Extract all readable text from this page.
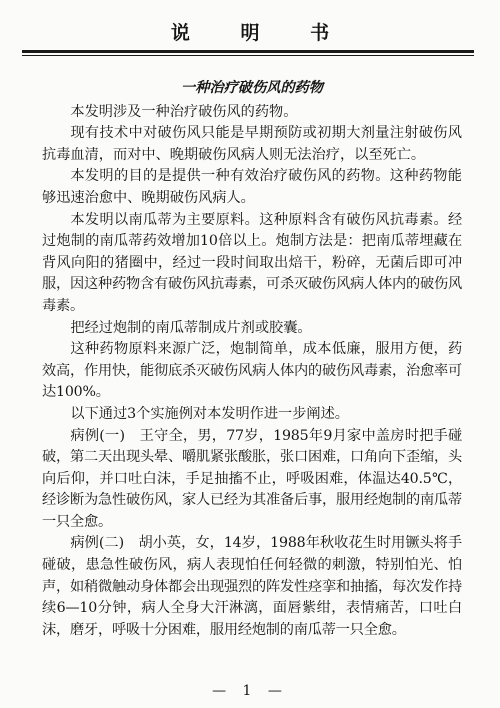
说 明 书

一种治疗破伤风的药物

本发明涉及一种治疗破伤风的药物。

现有技术中对破伤风只能是早期预防或初期大剂量注射破伤风抗毒血清，而对中、晚期破伤风病人则无法治疗，以至死亡。

本发明的目的是提供一种有效治疗破伤风的药物。这种药物能够迅速治愈中、晚期破伤风病人。

本发明以南瓜蒂为主要原料。这种原料含有破伤风抗毒素。经过炮制的南瓜蒂药效增加10倍以上。炮制方法是：把南瓜蒂埋藏在背风向阳的猪圈中，经过一段时间取出焙干，粉碎，无菌后即可冲服，因这种药物含有破伤风抗毒素，可杀灭破伤风病人体内的破伤风毒素。

把经过炮制的南瓜蒂制成片剂或胶囊。

这种药物原料来源广泛，炮制简单，成本低廉，服用方便，药效高，作用快，能彻底杀灭破伤风病人体内的破伤风毒素，治愈率可达100%。

以下通过3个实施例对本发明作进一步阐述。

病例(一)　王守全，男，77岁，1985年9月家中盖房时把手碰破，第二天出现头晕、嚼肌紧张酸胀，张口困难，口角向下歪缩，头向后仰，并口吐白沫，手足抽搐不止，呼吸困难，体温达40.5℃，经诊断为急性破伤风，家人已经为其准备后事，服用经炮制的南瓜蒂一只全愈。

病例(二)　胡小英，女，14岁，1988年秋收花生时用镢头将手碰破，患急性破伤风，病人表现怕任何轻微的刺激，特别怕光、怕声，如稍微触动身体都会出现强烈的阵发性痉挛和抽搐，每次发作持续6—10分钟，病人全身大汗淋漓，面唇紫绀，表情痛苦，口吐白沫，磨牙，呼吸十分困难，服用经炮制的南瓜蒂一只全愈。

— 1 —
